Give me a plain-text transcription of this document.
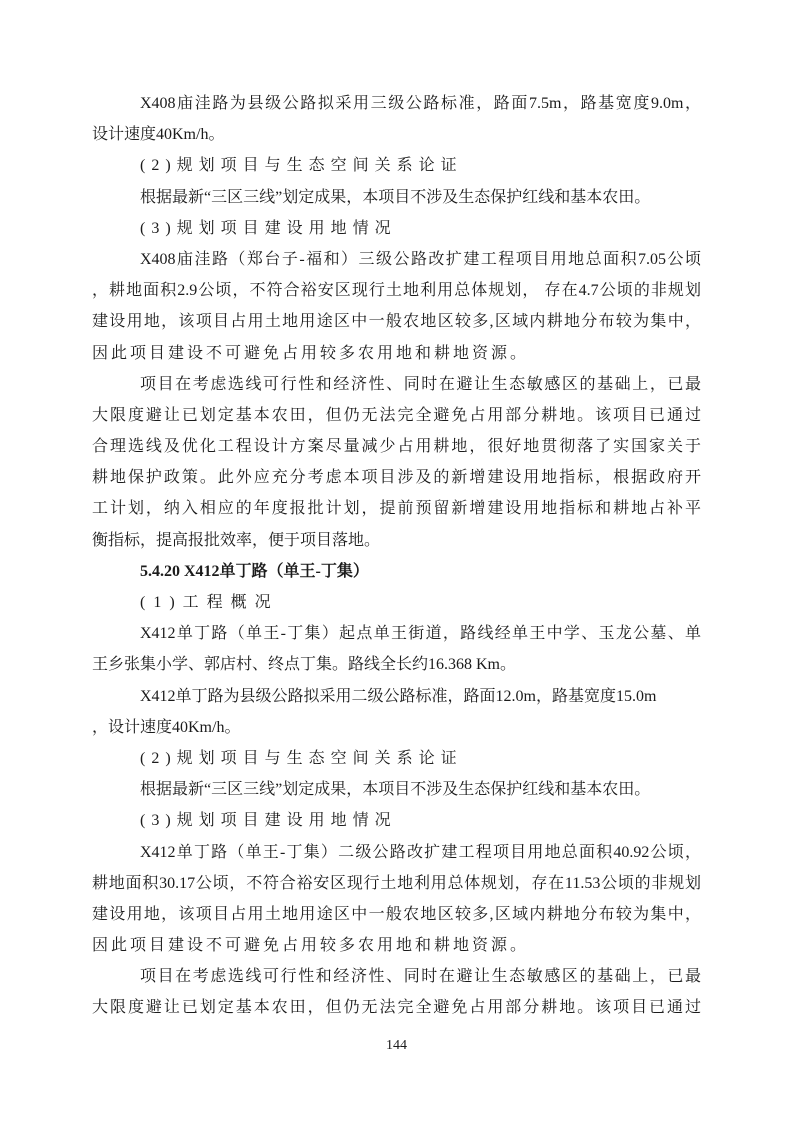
X408庙洼路为县级公路拟采用三级公路标准，路面7.5m，路基宽度9.0m，
设计速度40Km/h。
(2)规划项目与生态空间关系论证
根据最新“三区三线”划定成果，本项目不涉及生态保护红线和基本农田。
(3)规划项目建设用地情况
X408庙洼路（郑台子-福和）三级公路改扩建工程项目用地总面积7.05公顷
，耕地面积2.9公顷，不符合裕安区现行土地利用总体规划， 存在4.7公顷的非规划
建设用地，该项目占用土地用途区中一般农地区较多,区域内耕地分布较为集中，
因此项目建设不可避免占用较多农用地和耕地资源。
项目在考虑选线可行性和经济性、同时在避让生态敏感区的基础上，已最
大限度避让已划定基本农田，但仍无法完全避免占用部分耕地。该项目已通过
合理选线及优化工程设计方案尽量减少占用耕地，很好地贯彻落了实国家关于
耕地保护政策。此外应充分考虑本项目涉及的新增建设用地指标，根据政府开
工计划，纳入相应的年度报批计划，提前预留新增建设用地指标和耕地占补平
衡指标，提高报批效率，便于项目落地。
5.4.20 X412单丁路（单王-丁集）
(1)工程概况
X412单丁路（单王-丁集）起点单王街道，路线经单王中学、玉龙公墓、单
王乡张集小学、郭店村、终点丁集。路线全长约16.368 Km。
X412单丁路为县级公路拟采用二级公路标准，路面12.0m，路基宽度15.0m
，设计速度40Km/h。
(2)规划项目与生态空间关系论证
根据最新“三区三线”划定成果，本项目不涉及生态保护红线和基本农田。
(3)规划项目建设用地情况
X412单丁路（单王-丁集）二级公路改扩建工程项目用地总面积40.92公顷，
耕地面积30.17公顷，不符合裕安区现行土地利用总体规划，存在11.53公顷的非规划
建设用地，该项目占用土地用途区中一般农地区较多,区域内耕地分布较为集中，
因此项目建设不可避免占用较多农用地和耕地资源。
项目在考虑选线可行性和经济性、同时在避让生态敏感区的基础上，已最
大限度避让已划定基本农田，但仍无法完全避免占用部分耕地。该项目已通过
144
